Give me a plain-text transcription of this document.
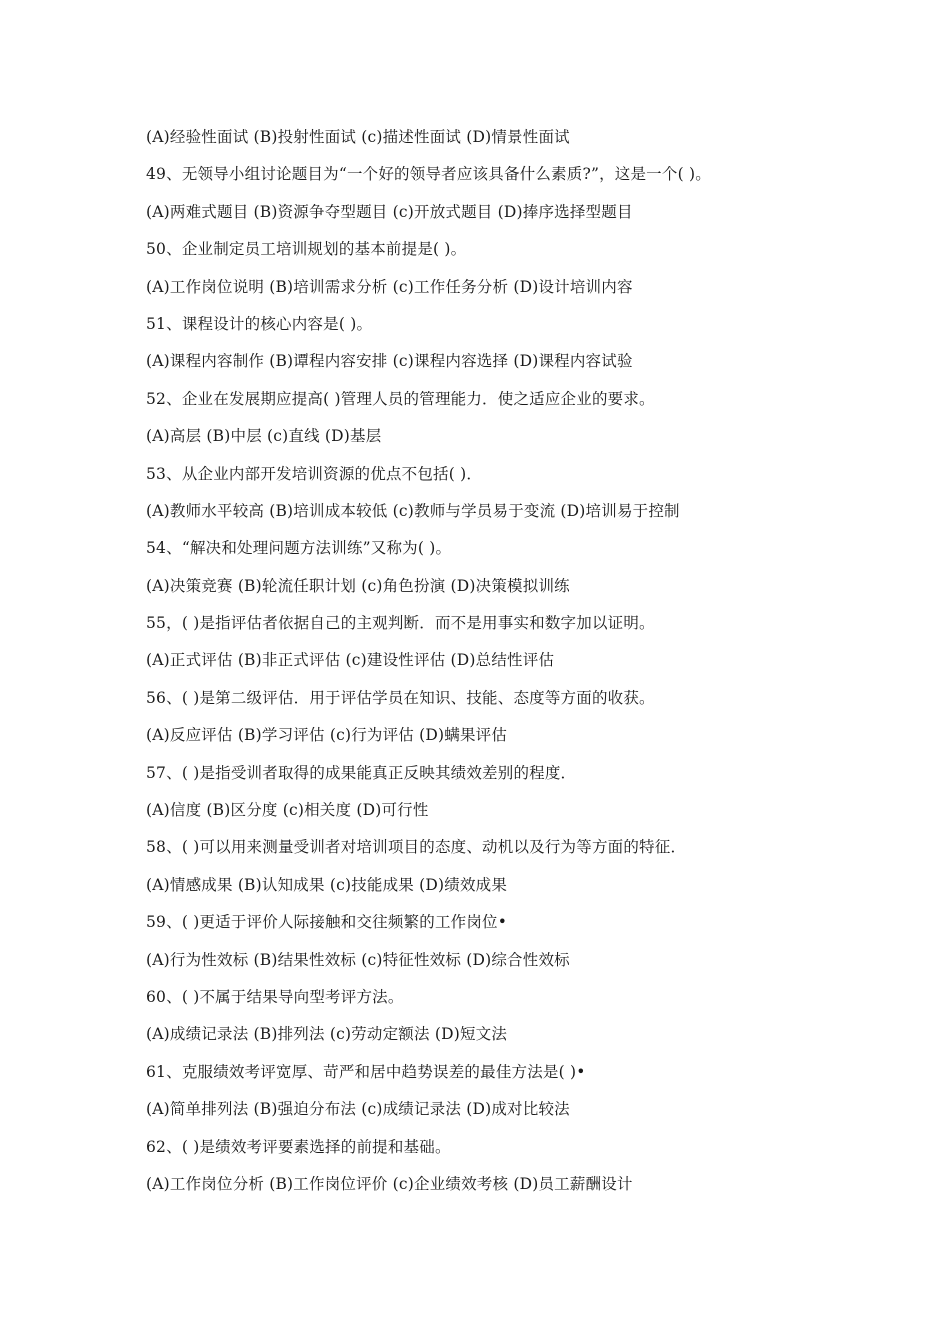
(A)经验性面试 (B)投射性面试 (c)描述性面试 (D)情景性面试
49、无领导小组讨论题目为“一个好的领导者应该具备什么素质?”，这是一个( )。
(A)两难式题目 (B)资源争夺型题目 (c)开放式题目 (D)捧序选择型题目
50、企业制定员工培训规划的基本前提是( )。
(A)工作岗位说明 (B)培训需求分析 (c)工作任务分析 (D)设计培训内容
51、课程设计的核心内容是( )。
(A)课程内容制作 (B)谭程内容安排 (c)课程内容选择 (D)课程内容试验
52、企业在发展期应提高( )管理人员的管理能力．使之适应企业的要求。
(A)高层 (B)中层 (c)直线 (D)基层
53、从企业内部开发培训资源的优点不包括( )．
(A)教师水平较高 (B)培训成本较低 (c)教师与学员易于变流 (D)培训易于控制
54、“解决和处理问题方法训练”又称为( )。
(A)决策竞赛 (B)轮流任职计划 (c)角色扮演 (D)决策模拟训练
55，( )是指评估者依据自己的主观判断．而不是用事实和数字加以证明。
(A)正式评估 (B)非正式评估 (c)建设性评估 (D)总结性评估
56、( )是第二级评估．用于评估学员在知识、技能、态度等方面的收获。
(A)反应评估 (B)学习评估 (c)行为评估 (D)螨果评估
57、( )是指受训者取得的成果能真正反映其绩效差别的程度．
(A)信度 (B)区分度 (c)相关度 (D)可行性
58、( )可以用来测量受训者对培训项目的态度、动机以及行为等方面的特征．
(A)情感成果 (B)认知成果 (c)技能成果 (D)绩效成果
59、( )更适于评价人际接触和交往频繁的工作岗位•
(A)行为性效标 (B)结果性效标 (c)特征性效标 (D)综合性效标
60、( )不属于结果导向型考评方法。
(A)成绩记录法 (B)排列法 (c)劳动定额法 (D)短文法
61、克服绩效考评宽厚、苛严和居中趋势误差的最佳方法是( )•
(A)简单排列法 (B)强迫分布法 (c)成绩记录法 (D)成对比较法
62、( )是绩效考评要素选择的前提和基础。
(A)工作岗位分析 (B)工作岗位评价 (c)企业绩效考核 (D)员工薪酬设计
